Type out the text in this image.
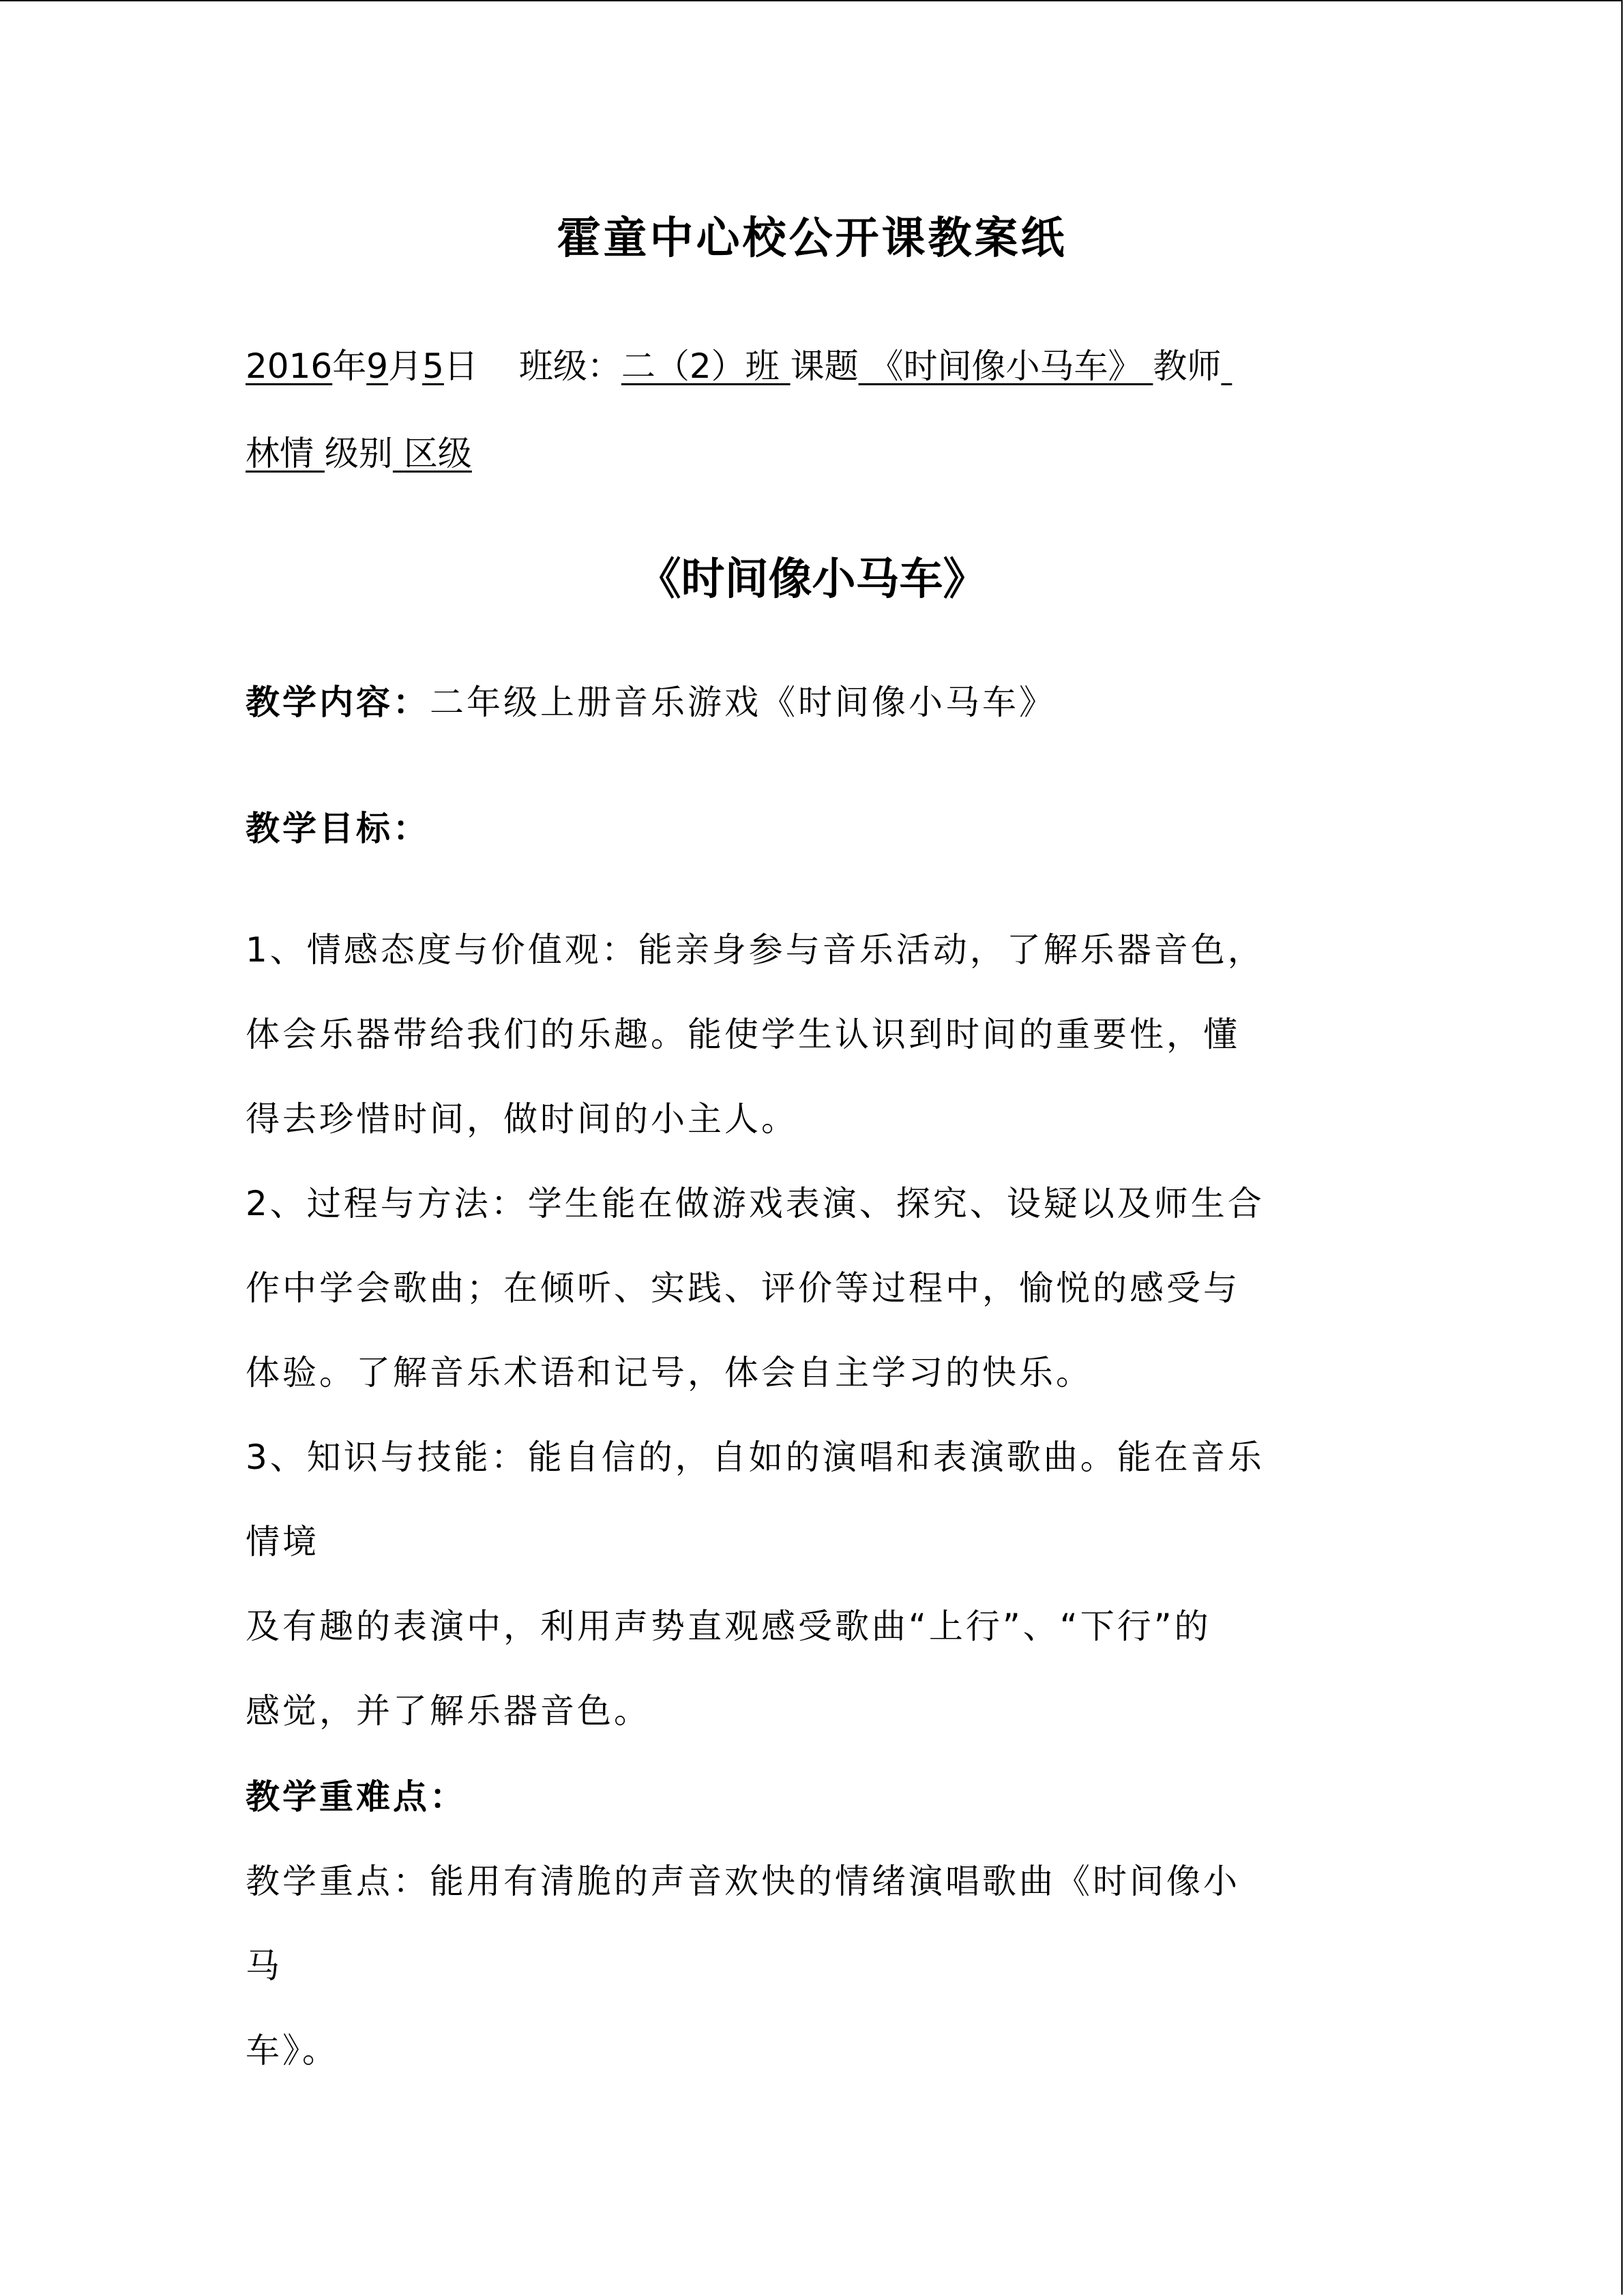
霍童中心校公开课教案纸
2016年9月5日 班级：二（2）班 课题 《时间像小马车》 教师
林情 级别 区级
《时间像小马车》
教学内容：二年级上册音乐游戏《时间像小马车》
教学目标：
1、情感态度与价值观：能亲身参与音乐活动，了解乐器音色，
体会乐器带给我们的乐趣。能使学生认识到时间的重要性，懂
得去珍惜时间，做时间的小主人。
2、过程与方法：学生能在做游戏表演、探究、设疑以及师生合
作中学会歌曲；在倾听、实践、评价等过程中，愉悦的感受与
体验。了解音乐术语和记号，体会自主学习的快乐。
3、知识与技能：能自信的，自如的演唱和表演歌曲。能在音乐
情境
及有趣的表演中，利用声势直观感受歌曲“上行”、“下行”的
感觉，并了解乐器音色。
教学重难点：
教学重点：能用有清脆的声音欢快的情绪演唱歌曲《时间像小
马
车》。
